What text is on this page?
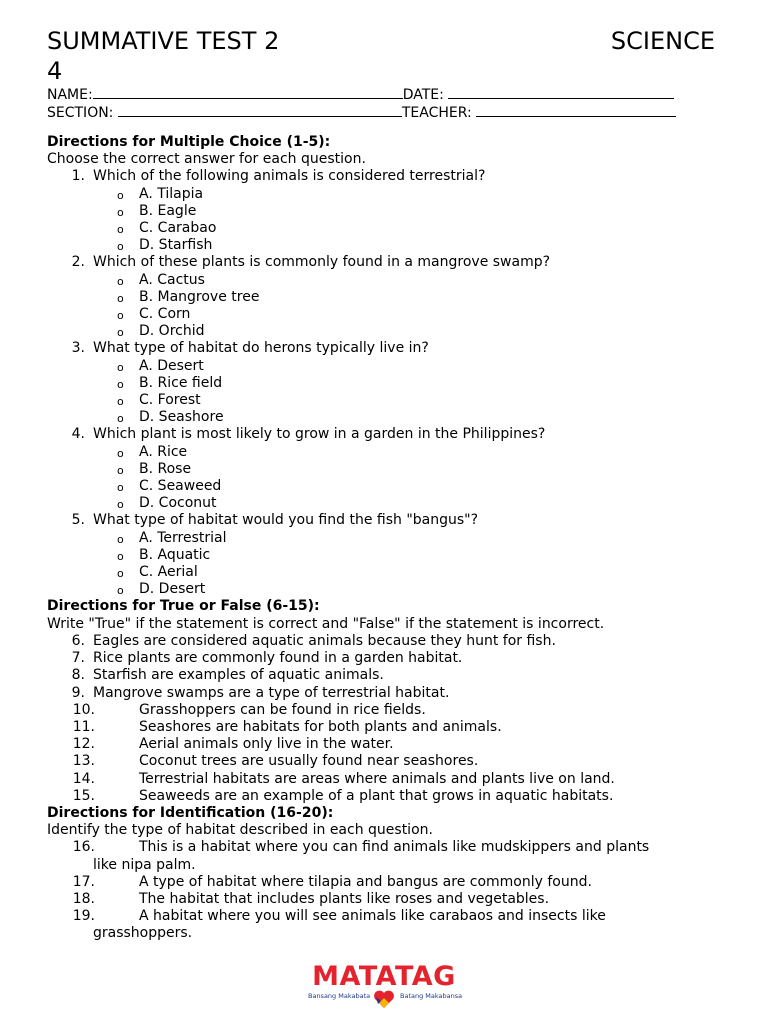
SUMMATIVE TEST 2	SCIENCE
4
NAME:	DATE:
SECTION:	TEACHER:
Directions for Multiple Choice (1-5):
Choose the correct answer for each question.
1. Which of the following animals is considered terrestrial?
o A. Tilapia
o B. Eagle
o C. Carabao
o D. Starfish
2. Which of these plants is commonly found in a mangrove swamp?
o A. Cactus
o B. Mangrove tree
o C. Corn
o D. Orchid
3. What type of habitat do herons typically live in?
o A. Desert
o B. Rice field
o C. Forest
o D. Seashore
4. Which plant is most likely to grow in a garden in the Philippines?
o A. Rice
o B. Rose
o C. Seaweed
o D. Coconut
5. What type of habitat would you find the fish "bangus"?
o A. Terrestrial
o B. Aquatic
o C. Aerial
o D. Desert
Directions for True or False (6-15):
Write "True" if the statement is correct and "False" if the statement is incorrect.
6. Eagles are considered aquatic animals because they hunt for fish.
7. Rice plants are commonly found in a garden habitat.
8. Starfish are examples of aquatic animals.
9. Mangrove swamps are a type of terrestrial habitat.
10.	Grasshoppers can be found in rice fields.
11.	Seashores are habitats for both plants and animals.
12.	Aerial animals only live in the water.
13.	Coconut trees are usually found near seashores.
14.	Terrestrial habitats are areas where animals and plants live on land.
15.	Seaweeds are an example of a plant that grows in aquatic habitats.
Directions for Identification (16-20):
Identify the type of habitat described in each question.
16.	This is a habitat where you can find animals like mudskippers and plants
like nipa palm.
17.	A type of habitat where tilapia and bangus are commonly found.
18.	The habitat that includes plants like roses and vegetables.
19.	A habitat where you will see animals like carabaos and insects like
grasshoppers.
MATATAG
Bansang Makabata	Batang Makabansa
